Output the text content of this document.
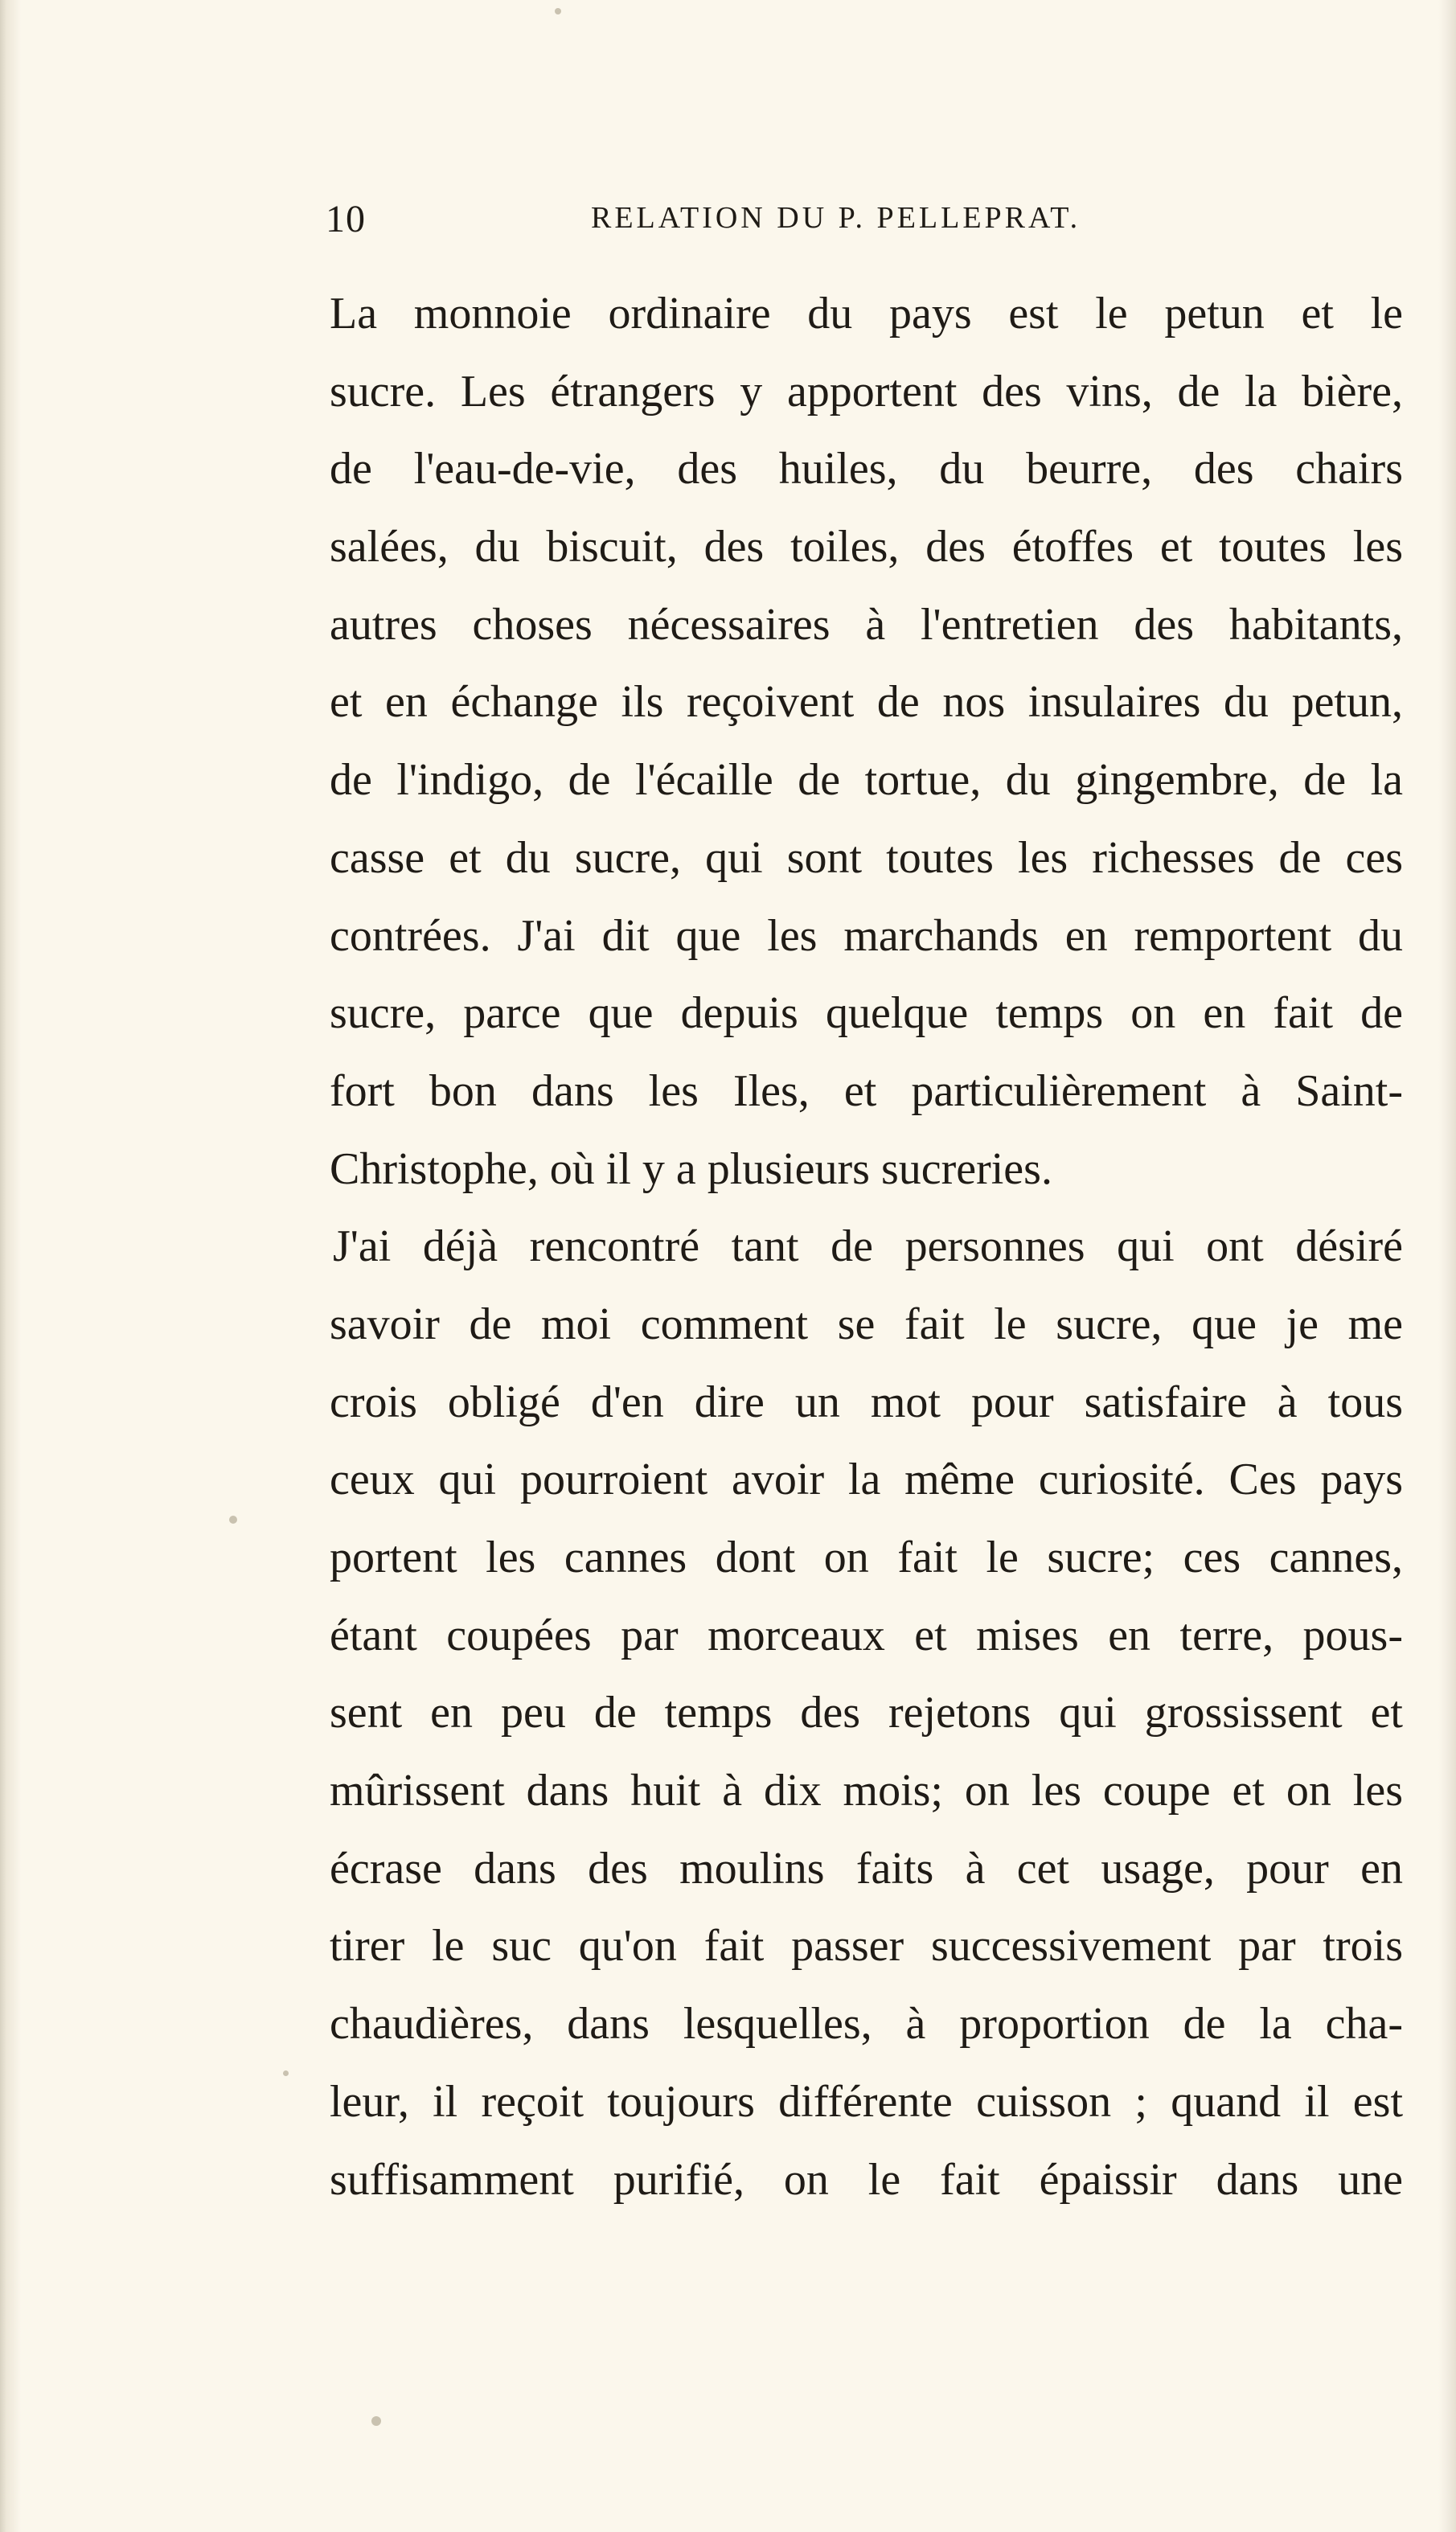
10	RELATION DU P. PELLEPRAT.
La monnoie ordinaire du pays est le petun et le
sucre. Les étrangers y apportent des vins, de la bière,
de l'eau-de-vie, des huiles, du beurre, des chairs
salées, du biscuit, des toiles, des étoffes et toutes les
autres choses nécessaires à l'entretien des habitants,
et en échange ils reçoivent de nos insulaires du petun,
de l'indigo, de l'écaille de tortue, du gingembre, de la
casse et du sucre, qui sont toutes les richesses de ces
contrées. J'ai dit que les marchands en remportent du
sucre, parce que depuis quelque temps on en fait de
fort bon dans les Iles, et particulièrement à Saint-
Christophe, où il y a plusieurs sucreries.
J'ai déjà rencontré tant de personnes qui ont désiré
savoir de moi comment se fait le sucre, que je me
crois obligé d'en dire un mot pour satisfaire à tous
ceux qui pourroient avoir la même curiosité. Ces pays
portent les cannes dont on fait le sucre; ces cannes,
étant coupées par morceaux et mises en terre, pous-
sent en peu de temps des rejetons qui grossissent et
mûrissent dans huit à dix mois; on les coupe et on les
écrase dans des moulins faits à cet usage, pour en
tirer le suc qu'on fait passer successivement par trois
chaudières, dans lesquelles, à proportion de la cha-
leur, il reçoit toujours différente cuisson ; quand il est
suffisamment purifié, on le fait épaissir dans une
